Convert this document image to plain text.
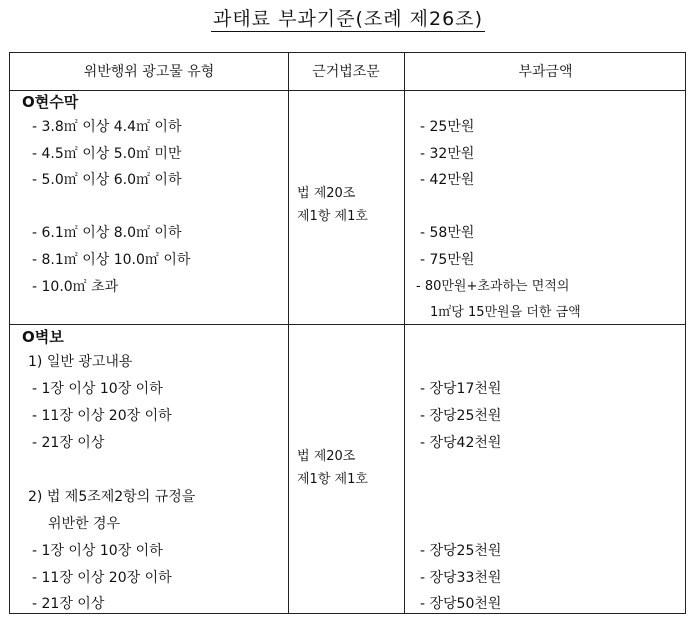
과태료 부과기준(조례 제26조)
위반행위 광고물 유형	근거법조문	부과금액
O현수막
- 3.8㎡ 이상 4.4㎡ 이하
- 4.5㎡ 이상 5.0㎡ 미만
- 5.0㎡ 이상 6.0㎡ 이하
- 6.1㎡ 이상 8.0㎡ 이하
- 8.1㎡ 이상 10.0㎡ 이하
- 10.0㎡ 초과
법 제20조
제1항 제1호
- 25만원
- 32만원
- 42만원
- 58만원
- 75만원
- 80만원+초과하는 면적의
1㎡당 15만원을 더한 금액
O벽보
1) 일반 광고내용
- 1장 이상 10장 이하
- 11장 이상 20장 이하
- 21장 이상
2) 법 제5조제2항의 규정을
위반한 경우
- 1장 이상 10장 이하
- 11장 이상 20장 이하
- 21장 이상
법 제20조
제1항 제1호
- 장당17천원
- 장당25천원
- 장당42천원
- 장당25천원
- 장당33천원
- 장당50천원
